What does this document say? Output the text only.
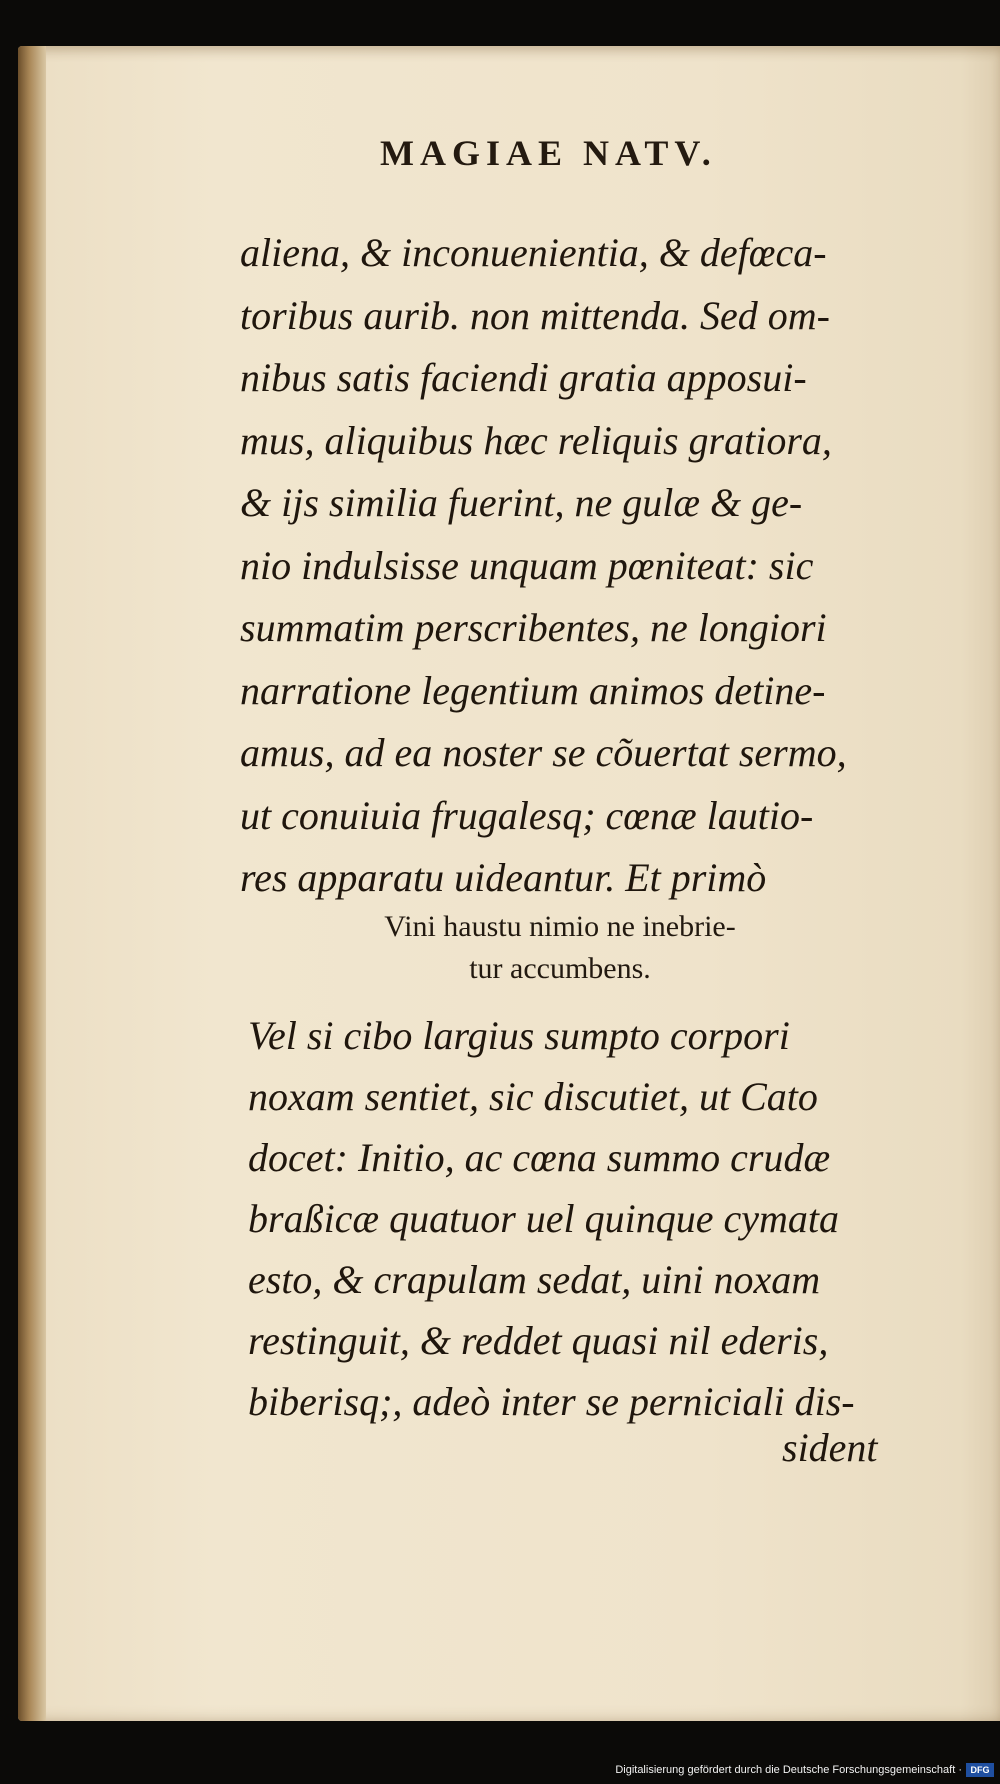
MAGIAE NATV.
aliena, & inconuenientia, & defœca-
toribus aurib. non mittenda. Sed om-
nibus satis faciendi gratia apposui-
mus, aliquibus hæc reliquis gratiora,
& ijs similia fuerint, ne gulæ & ge-
nio indulsisse unquam pœniteat: sic
summatim perscribentes, ne longiori
narratione legentium animos detine-
amus, ad ea noster se cõuertat sermo,
ut conuiuia frugalesq; cœnæ lautio-
res apparatu uideantur. Et primò
Vini haustu nimio ne inebrie-
tur accumbens.
Vel si cibo largius sumpto corpori
noxam sentiet, sic discutiet, ut Cato
docet: Initio, ac cœna summo crudæ
braßicæ quatuor uel quinque cymata
esto, & crapulam sedat, uini noxam
restinguit, & reddet quasi nil ederis,
biberisq;, adeò inter se perniciali dis-
sident
Digitalisierung gefördert durch die Deutsche Forschungsgemeinschaft · DFG
